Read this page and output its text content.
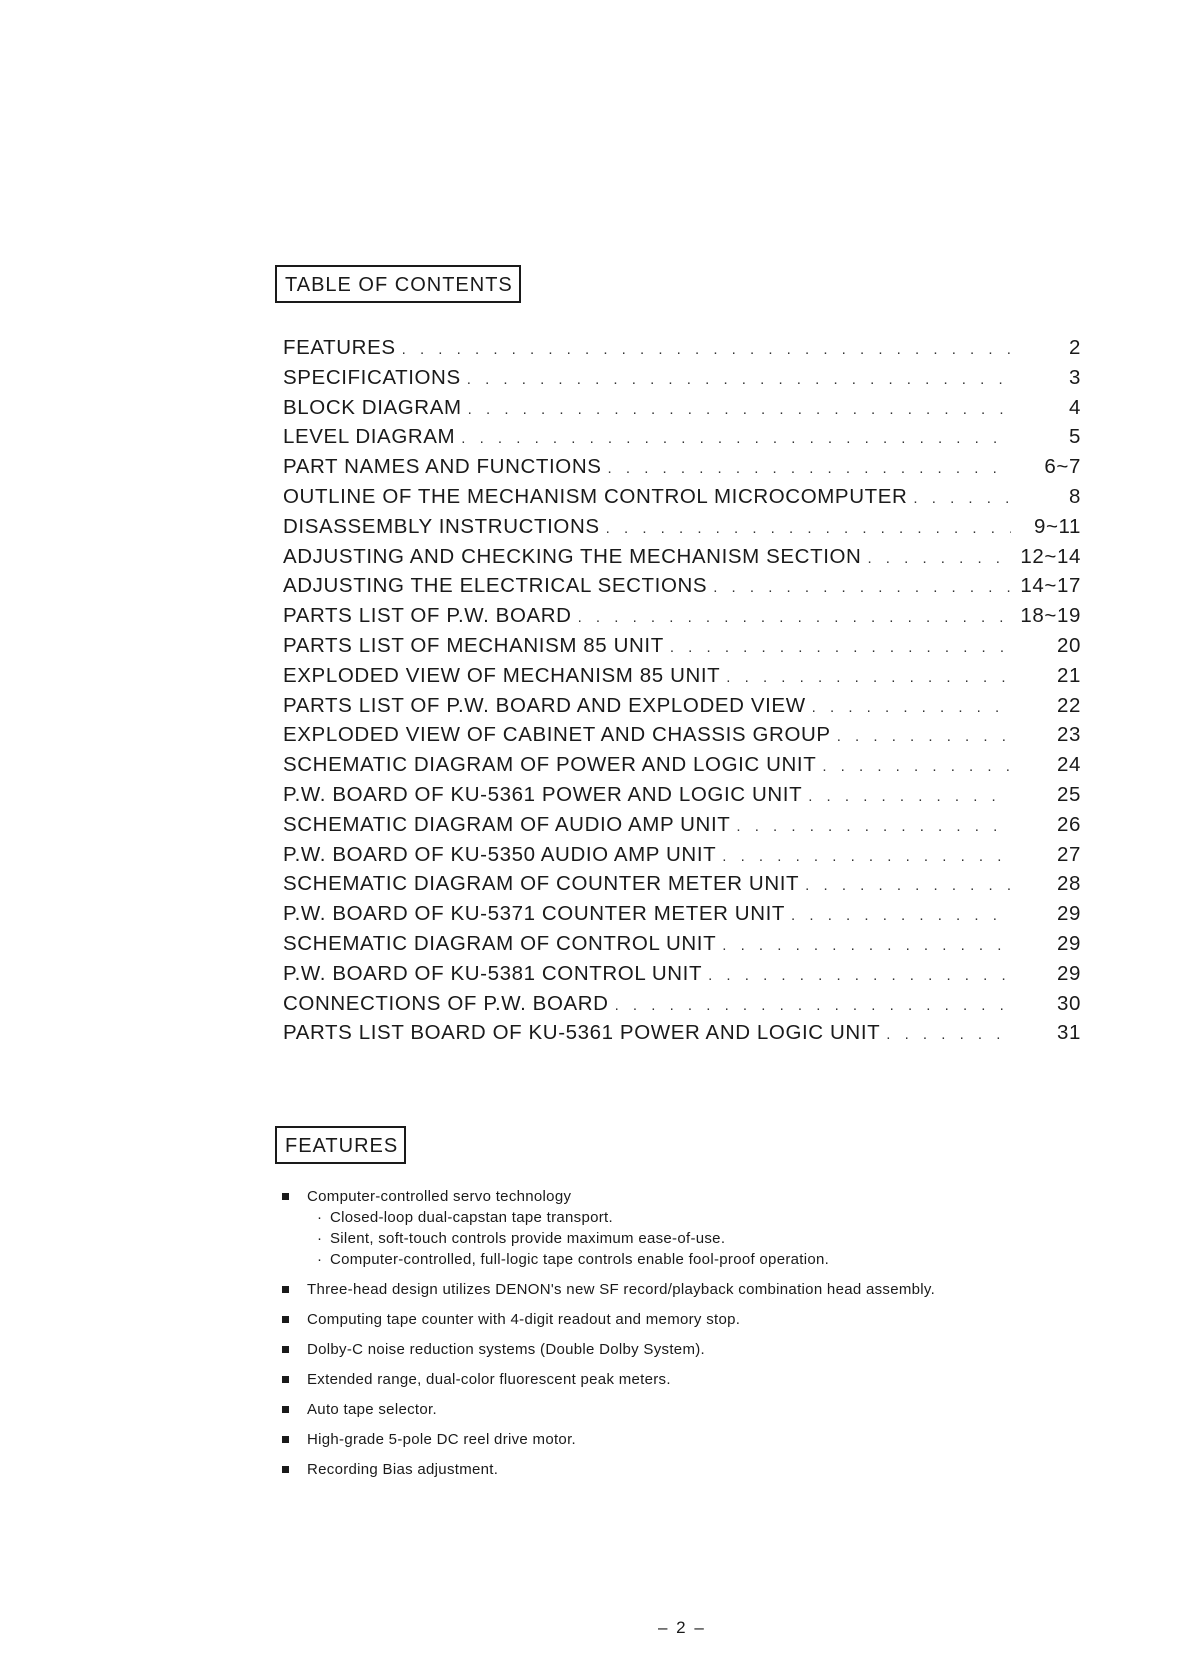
TABLE OF CONTENTS
FEATURES . . .	2
SPECIFICATIONS . . .	3
BLOCK DIAGRAM . . .	4
LEVEL DIAGRAM . . .	5
PART NAMES AND FUNCTIONS . . .	6~7
OUTLINE OF THE MECHANISM CONTROL MICROCOMPUTER . . .	8
DISASSEMBLY INSTRUCTIONS . . .	9~11
ADJUSTING AND CHECKING THE MECHANISM SECTION . . .	12~14
ADJUSTING THE ELECTRICAL SECTIONS . . .	14~17
PARTS LIST OF P.W. BOARD . . .	18~19
PARTS LIST OF MECHANISM 85 UNIT . . .	20
EXPLODED VIEW OF MECHANISM 85 UNIT . . .	21
PARTS LIST OF P.W. BOARD AND EXPLODED VIEW . . .	22
EXPLODED VIEW OF CABINET AND CHASSIS GROUP . . .	23
SCHEMATIC DIAGRAM OF POWER AND LOGIC UNIT . . .	24
P.W. BOARD OF KU-5361 POWER AND LOGIC UNIT . . .	25
SCHEMATIC DIAGRAM OF AUDIO AMP UNIT . . .	26
P.W. BOARD OF KU-5350 AUDIO AMP UNIT . . .	27
SCHEMATIC DIAGRAM OF COUNTER METER UNIT . . .	28
P.W. BOARD OF KU-5371 COUNTER METER UNIT . . .	29
SCHEMATIC DIAGRAM OF CONTROL UNIT . . .	29
P.W. BOARD OF KU-5381 CONTROL UNIT . . .	29
CONNECTIONS OF P.W. BOARD . . .	30
PARTS LIST BOARD OF KU-5361 POWER AND LOGIC UNIT . . .	31
FEATURES
Computer-controlled servo technology
· Closed-loop dual-capstan tape transport.
· Silent, soft-touch controls provide maximum ease-of-use.
· Computer-controlled, full-logic tape controls enable fool-proof operation.
Three-head design utilizes DENON's new SF record/playback combination head assembly.
Computing tape counter with 4-digit readout and memory stop.
Dolby-C noise reduction systems (Double Dolby System).
Extended range, dual-color fluorescent peak meters.
Auto tape selector.
High-grade 5-pole DC reel drive motor.
Recording Bias adjustment.
– 2 –
